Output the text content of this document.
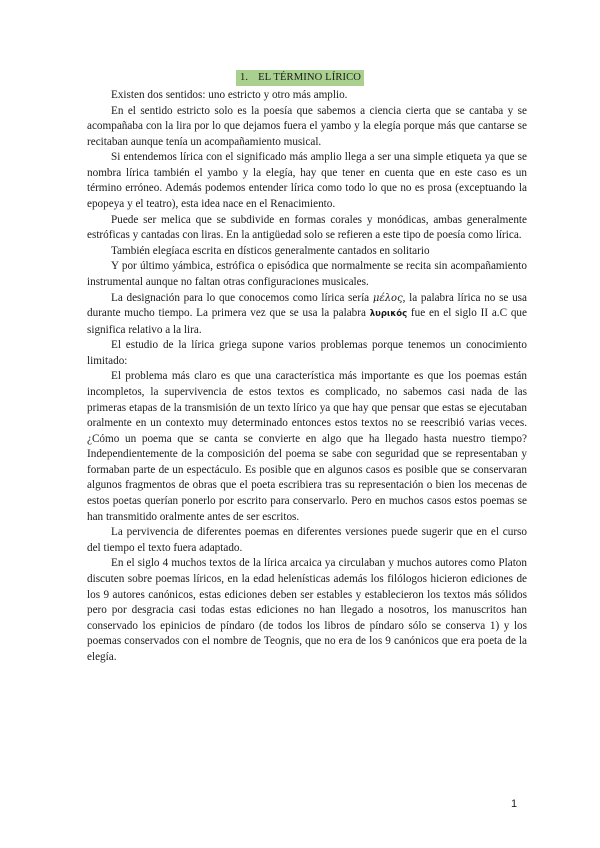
1. EL TÉRMINO LÍRICO

Existen dos sentidos: uno estricto y otro más amplio.

En el sentido estricto solo es la poesía que sabemos a ciencia cierta que se cantaba y se acompañaba con la lira por lo que dejamos fuera el yambo y la elegía porque más que cantarse se recitaban aunque tenía un acompañamiento musical.

Si entendemos lírica con el significado más amplio llega a ser una simple etiqueta ya que se nombra lírica también el yambo y la elegía, hay que tener en cuenta que en este caso es un término erróneo. Además podemos entender lírica como todo lo que no es prosa (exceptuando la epopeya y el teatro), esta idea nace en el Renacimiento.

Puede ser melica que se subdivide en formas corales y monódicas, ambas generalmente estróficas y cantadas con liras. En la antigüedad solo se refieren a este tipo de poesía como lírica.

También elegíaca escrita en dísticos generalmente cantados en solitario

Y por último yámbica, estrófica o episódica que normalmente se recita sin acompañamiento instrumental aunque no faltan otras configuraciones musicales.

La designación para lo que conocemos como lírica sería μέλος, la palabra lírica no se usa durante mucho tiempo. La primera vez que se usa la palabra λυρικός fue en el siglo II a.C que significa relativo a la lira.

El estudio de la lírica griega supone varios problemas porque tenemos un conocimiento limitado:

El problema más claro es que una característica más importante es que los poemas están incompletos, la supervivencia de estos textos es complicado, no sabemos casi nada de las primeras etapas de la transmisión de un texto lírico ya que hay que pensar que estas se ejecutaban oralmente en un contexto muy determinado entonces estos textos no se reescribió varias veces. ¿Cómo un poema que se canta se convierte en algo que ha llegado hasta nuestro tiempo? Independientemente de la composición del poema se sabe con seguridad que se representaban y formaban parte de un espectáculo. Es posible que en algunos casos es posible que se conservaran algunos fragmentos de obras que el poeta escribiera tras su representación o bien los mecenas de estos poetas querían ponerlo por escrito para conservarlo. Pero en muchos casos estos poemas se han transmitido oralmente antes de ser escritos.

La pervivencia de diferentes poemas en diferentes versiones puede sugerir que en el curso del tiempo el texto fuera adaptado.

En el siglo 4 muchos textos de la lírica arcaica ya circulaban y muchos autores como Platon discuten sobre poemas líricos, en la edad helenísticas además los filólogos hicieron ediciones de los 9 autores canónicos, estas ediciones deben ser estables y establecieron los textos más sólidos pero por desgracia casi todas estas ediciones no han llegado a nosotros, los manuscritos han conservado los epinicios de píndaro (de todos los libros de píndaro sólo se conserva 1) y los poemas conservados con el nombre de Teognis, que no era de los 9 canónicos que era poeta de la elegía.

1
